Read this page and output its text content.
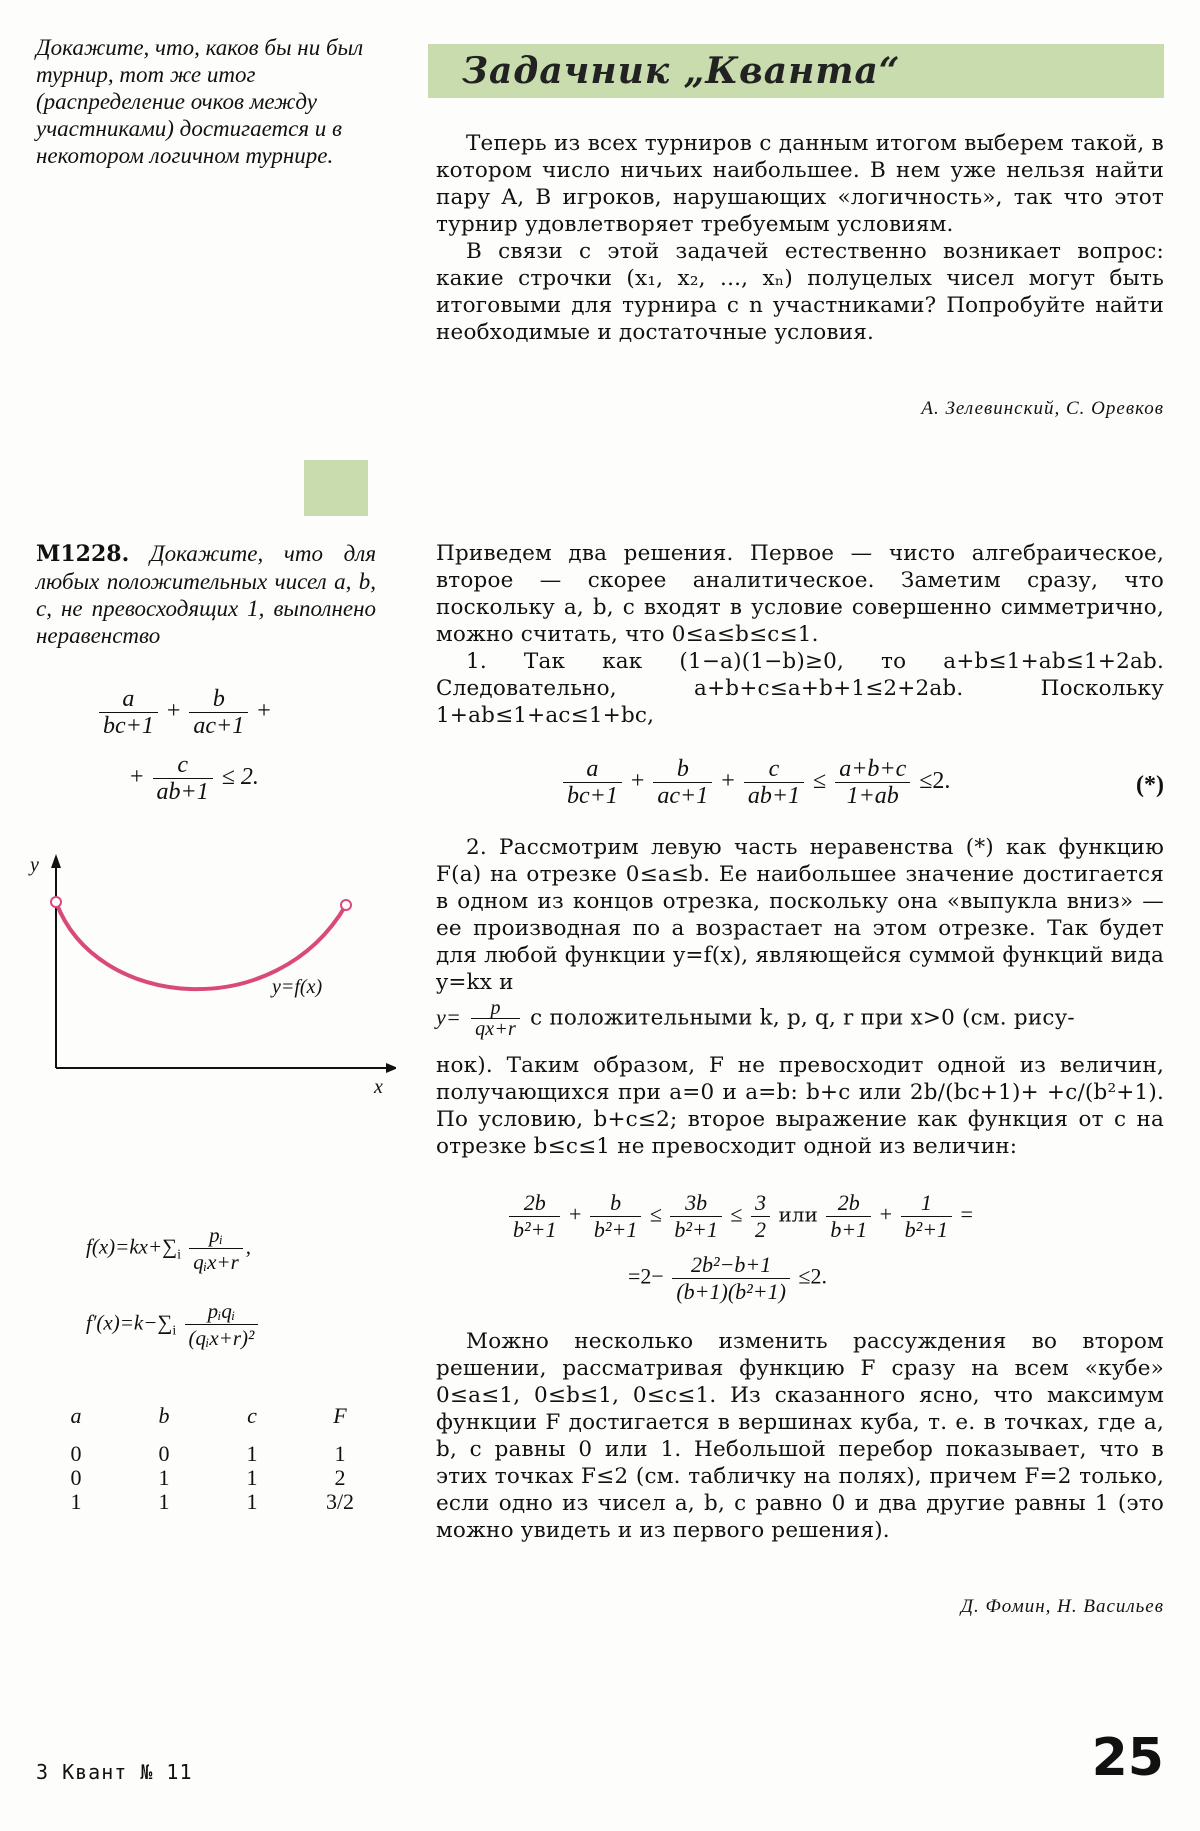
Докажите, что, каков бы ни был турнир, тот же итог (распределение очков между участниками) достигается и в некотором логичном турнире.
Задачник „Кванта“

Теперь из всех турниров с данным итогом выберем такой, в котором число ничьих наибольшее. В нем уже нельзя найти пару A, B игроков, нарушающих «логичность», так что этот турнир удовлетворяет требуемым условиям.

В связи с этой задачей естественно возникает вопрос: какие строчки (x₁, x₂, ..., xₙ) полуцелых чисел могут быть итоговыми для турнира с n участниками? Попробуйте найти необходимые и достаточные условия.

А. Зелевинский, С. Оревков
M1228. Докажите, что для любых положительных чисел a, b, c, не превосходящих 1, выполнено неравенство
$\frac{a}{bc+1} + \frac{b}{ac+1}$ +
+ $\frac{c}{ab+1} \le 2$.
y
x
y=f(x)
$f(x)=kx+\sum_i \frac{\text{pᵢ}}{\text{qᵢx+r}}$ ,
$f'(x)=k-\sum_i \frac{\text{pᵢqᵢ}}{\text{(qᵢx+r)²}}$
a	b	c	F

0	0	1	1
0	1	1	2
1	1	1	3/2

Приведем два решения. Первое — чисто алгебраическое, второе — скорее аналитическое. Заметим сразу, что поскольку a, b, c входят в условие совершенно симметрично, можно считать, что 0≤a≤b≤c≤1.

1. Так как (1−a)(1−b)≥0, то a+b≤1+ab≤1+2ab. Следовательно, a+b+c≤a+b+1≤2+2ab. Поскольку 1+ab≤1+ac≤1+bc,

$\frac{a}{bc+1} + \frac{b}{ac+1} + \frac{c}{ab+1} \le \frac{a+b+c}{1+ab} \le 2$.	(*)

2. Рассмотрим левую часть неравенства (*) как функцию F(a) на отрезке 0≤a≤b. Ее наибольшее значение достигается в одном из концов отрезка, поскольку она «выпукла вниз» — ее производная по a возрастает на этом отрезке. Так будет для любой функции y=f(x), являющейся суммой функций вида y=kx и

$y= \frac{p}{qx+r}$ с положительными k, p, q, r при x>0 (см. рису-

нок). Таким образом, F не превосходит одной из величин, получающихся при a=0 и a=b: b+c или 2b/(bc+1)+ +c/(b²+1). По условию, b+c≤2; второе выражение как функция от c на отрезке b≤c≤1 не превосходит одной из величин:

$\frac{2b}{\text{b²+1}} + \frac{b}{\text{b²+1}} \le \frac{3b}{\text{b²+1}} \le \frac{3}{2}$ или $\frac{2b}{b+1} + \frac{1}{\text{b²+1}}$ =
$=2- \frac{\text{2b²−b+1}}{\text{(b+1)(b²+1)}} \le 2$.

Можно несколько изменить рассуждения во втором решении, рассматривая функцию F сразу на всем «кубе» 0≤a≤1, 0≤b≤1, 0≤c≤1. Из сказанного ясно, что максимум функции F достигается в вершинах куба, т. е. в точках, где a, b, c равны 0 или 1. Небольшой перебор показывает, что в этих точках F≤2 (см. табличку на полях), причем F=2 только, если одно из чисел a, b, c равно 0 и два другие равны 1 (это можно увидеть и из первого решения).

Д. Фомин, Н. Васильев
3 Квант № 11	25
